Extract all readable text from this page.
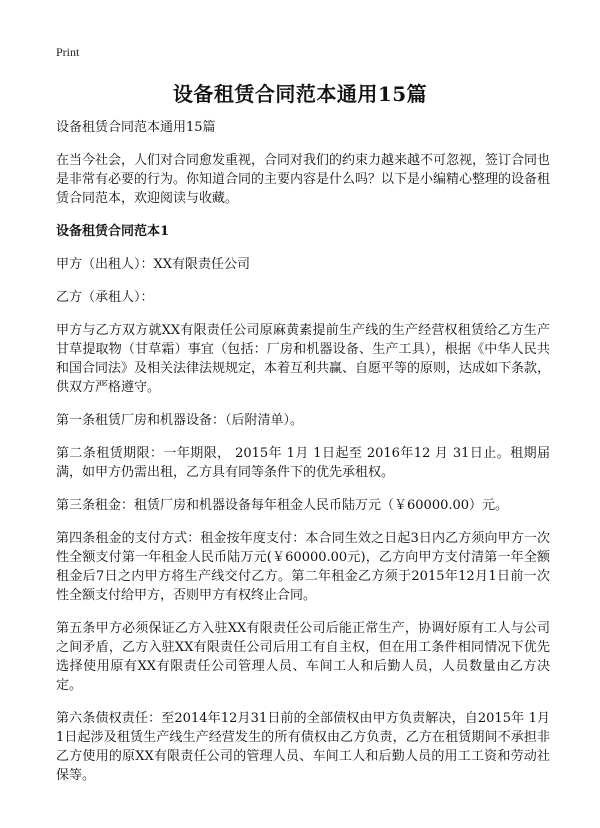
Print
设备租赁合同范本通用15篇

设备租赁合同范本通用15篇

在当今社会，人们对合同愈发重视，合同对我们的约束力越来越不可忽视，签订合同也是非常有必要的行为。你知道合同的主要内容是什么吗？以下是小编精心整理的设备租赁合同范本，欢迎阅读与收藏。

设备租赁合同范本1

甲方（出租人）：XX有限责任公司

乙方（承租人）：

甲方与乙方双方就XX有限责任公司原麻黄素提前生产线的生产经营权租赁给乙方生产甘草提取物（甘草霜）事宜（包括：厂房和机器设备、生产工具），根据《中华人民共和国合同法》及相关法律法规规定，本着互利共赢、自愿平等的原则，达成如下条款，供双方严格遵守。

第一条租赁厂房和机器设备：（后附清单）。

第二条租赁期限：一年期限， 2015年 1月 1日起至 2016年12 月 31日止。租期届满，如甲方仍需出租，乙方具有同等条件下的优先承租权。

第三条租金：租赁厂房和机器设备每年租金人民币陆万元（￥60000.00）元。

第四条租金的支付方式：租金按年度支付：本合同生效之日起3日内乙方须向甲方一次性全额支付第一年租金人民币陆万元(￥60000.00元)，乙方向甲方支付清第一年全额租金后7日之内甲方将生产线交付乙方。第二年租金乙方须于2015年12月1日前一次性全额支付给甲方，否则甲方有权终止合同。

第五条甲方必须保证乙方入驻XX有限责任公司后能正常生产，协调好原有工人与公司之间矛盾，乙方入驻XX有限责任公司后用工有自主权，但在用工条件相同情况下优先选择使用原有XX有限责任公司管理人员、车间工人和后勤人员，人员数量由乙方决定。

第六条债权责任：至2014年12月31日前的全部债权由甲方负责解决，自2015年 1月1日起涉及租赁生产线生产经营发生的所有债权由乙方负责，乙方在租赁期间不承担非乙方使用的原XX有限责任公司的管理人员、车间工人和后勤人员的用工工资和劳动社保等。
